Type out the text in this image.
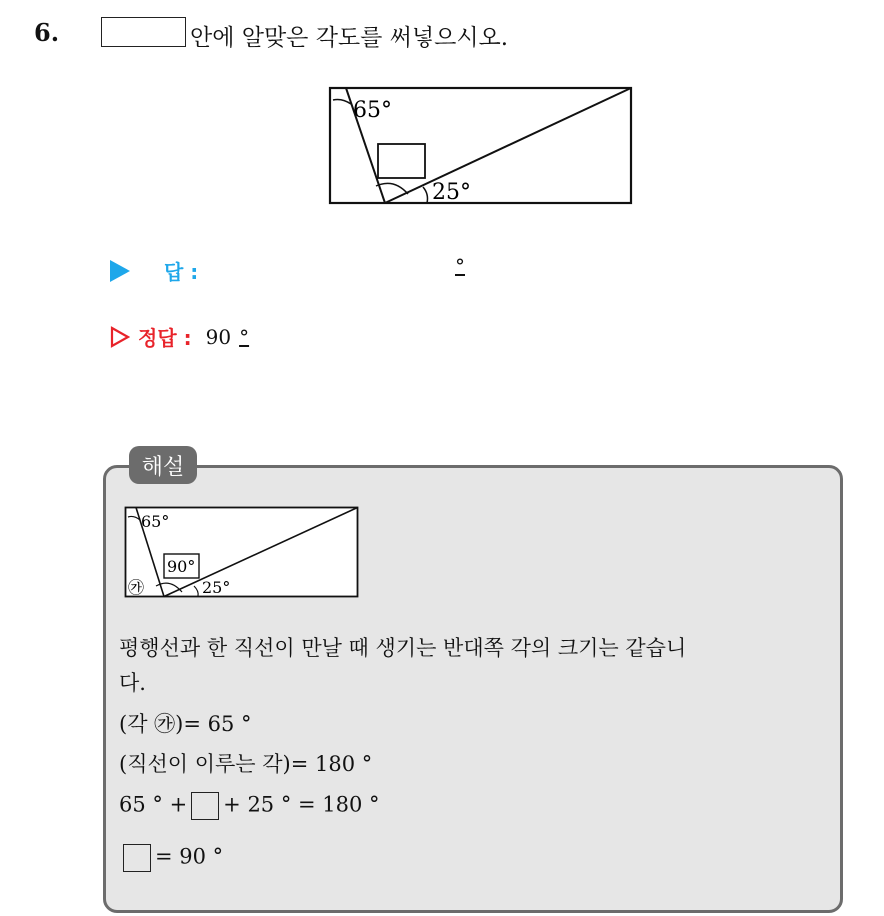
6.	안에 알맞은 각도를 써넣으시오.
65°
25°
답 :	°
정답 : 90 °
해설
65°
90°
25°
㉮
평행선과 한 직선이 만날 때 생기는 반대쪽 각의 크기는 같습니
다.
(각 ㉮)= 65 °
(직선이 이루는 각)= 180 °
65 ° + + 25 ° = 180 °
= 90 °
